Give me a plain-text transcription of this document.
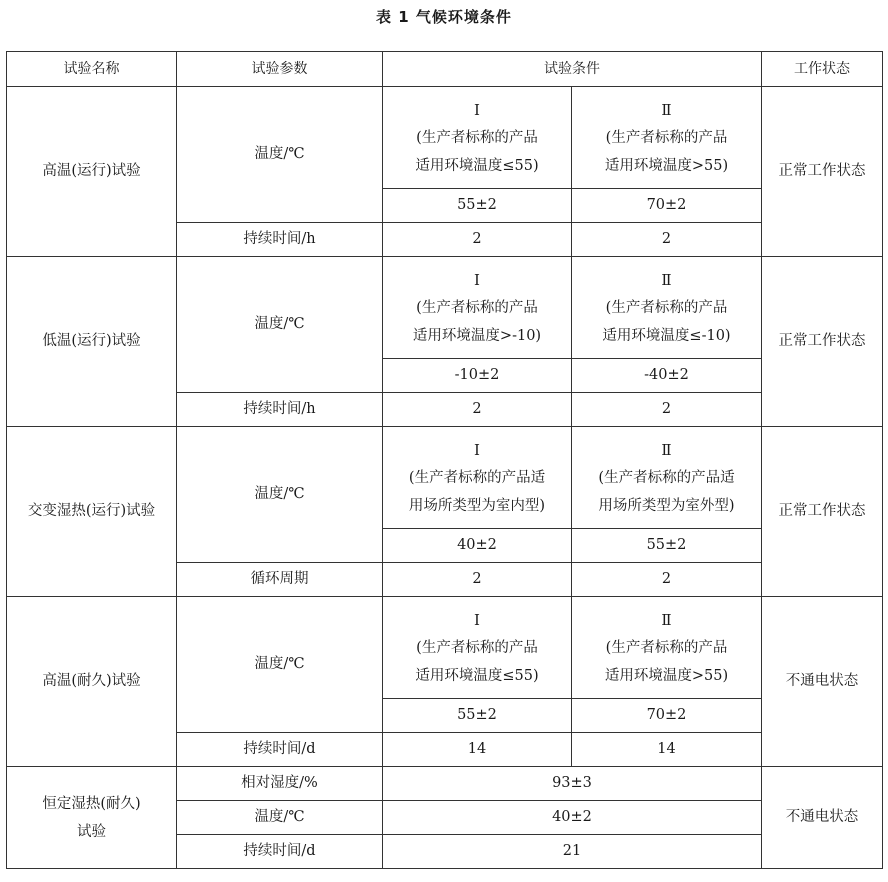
表 1 气候环境条件
试验名称	试验参数	试验条件		工作状态
高温(运行)试验	温度/℃	Ⅰ
(生产者标称的产品
适用环境温度≤55)	Ⅱ
(生产者标称的产品
适用环境温度>55)	正常工作状态
		55±2	70±2	
	持续时间/h	2	2	
低温(运行)试验	温度/℃	Ⅰ
(生产者标称的产品
适用环境温度>-10)	Ⅱ
(生产者标称的产品
适用环境温度≤-10)	正常工作状态
		-10±2	-40±2	
	持续时间/h	2	2	
交变湿热(运行)试验	温度/℃	Ⅰ
(生产者标称的产品适
用场所类型为室内型)	Ⅱ
(生产者标称的产品适
用场所类型为室外型)	正常工作状态
		40±2	55±2	
	循环周期	2	2	
高温(耐久)试验	温度/℃	Ⅰ
(生产者标称的产品
适用环境温度≤55)	Ⅱ
(生产者标称的产品
适用环境温度>55)	不通电状态
		55±2	70±2	
	持续时间/d	14	14	

恒定湿热(耐久)
试验	相对湿度/%	93±3		不通电状态
	温度/℃	40±2		
	持续时间/d	21		
